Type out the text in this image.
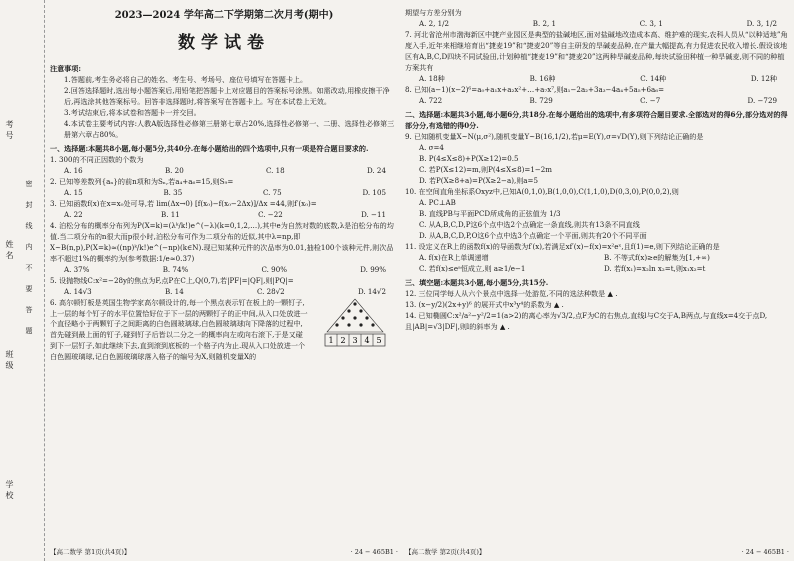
考号
姓名
班级
学校
密封线内不要答题
2023—2024 学年高二下学期第二次月考(期中)
数学试卷

注意事项:

1.答题前,考生务必将自己的姓名、考生号、考场号、座位号填写在答题卡上。

2.回答选择题时,选出每小题答案后,用铅笔把答题卡上对应题目的答案标号涂黑。如需改动,用橡皮擦干净后,再选涂其他答案标号。回答非选择题时,将答案写在答题卡上。写在本试卷上无效。

3.考试结束后,将本试卷和答题卡一并交回。

4.本试卷主要考试内容:人教A版选择性必修第三册第七章占20%,选择性必修第一、二册、选择性必修第三册第六章占80%。

一、选择题:本题共8小题,每小题5分,共40分.在每小题给出的四个选项中,只有一项是符合题目要求的.

1. 300的不同正因数的个数为

A. 16	B. 20	C. 18	D. 24

2. 已知等差数列{aₙ}的前n项和为Sₙ,若a₄+a₆=15,则S₉=

A. 15	B. 35	C. 75	D. 105

3. 已知函数f(x)在x=x₀处可导,若 lim(Δx→0) [f(x₀)−f(x₀−2Δx)]/Δx =44,则f′(x₀)=

A. 22	B. 11	C. −22	D. −11

4. 泊松分布的概率分布列为P(X=k)=(λᵏ/k!)e^(−λ)(k=0,1,2,…),其中e为自然对数的底数,λ是泊松分布的均值.当二项分布的n很大而p很小时,泊松分布可作为二项分布的近似,其中λ=np,即X~B(n,p),P(X=k)≈((np)ᵏ/k!)e^(−np)(k∈N).现已知某种元件的次品率为0.01,抽检100个该种元件,则次品率不超过1%的概率约为(参考数据:1/e≈0.37)

A. 37%	B. 74%	C. 90%	D. 99%

5. 设抛物线C:x²=−28y的焦点为F,点P在C上,Q(0,7),若|PF|=|QF|,则|PQ|=

A. 14√3	B. 14	C. 28√2	D. 14√2
1 2 3 4 5

6. 高尔顿钉板是英国生物学家高尔顿设计的,每一个黑点表示钉在板上的一颗钉子,上一层的每个钉子的水平位置恰好位于下一层的两颗钉子的正中间,从入口处放进一个直径略小于两颗钉子之间距离的白色圆玻璃球,白色圆玻璃球向下降落的过程中,首先碰到最上面的钉子,碰到钉子后皆以二分之一的概率向左或向右滚下,于是又碰到下一层钉子,如此继续下去,直到滚到底板的一个格子内为止.现从入口处放进一个白色圆玻璃球,记白色圆玻璃球落入格子的编号为X,则随机变量X的

【高二数学 第1页(共4页)】	· 24 − 465B1 ·

期望与方差分别为

A. 2, 1/2	B. 2, 1	C. 3, 1	D. 3, 1/2

7. 河北省沧州市渤海新区中捷产业园区是典型的盐碱地区,面对盐碱地改造成本高、维护难的现实,农科人员从“以种适地”角度入手,近年来相继培育出“捷麦19”和“捷麦20”等自主研发的旱碱麦品种,在产量大幅提高,有力促进农民收入增长.假设该地区有A,B,C,D四块不同试验田,计划种植“捷麦19”和“捷麦20”这两种旱碱麦品种,每块试验田种植一种旱碱麦,则不同的种植方案共有

A. 18种	B. 16种	C. 14种	D. 12种

8. 已知(a−1)(x−2)⁶=a₀+a₁x+a₂x²+…+a₇x⁷,则a₁−2a₂+3a₃−4a₄+5a₅+6a₆=

A. 722	B. 729	C. −7	D. −729

二、选择题:本题共3小题,每小题6分,共18分.在每小题给出的选项中,有多项符合题目要求.全部选对的得6分,部分选对的得部分分,有选错的得0分.

9. 已知随机变量X~N(μ,σ²),随机变量Y~B(16,1/2),若μ=E(Y),σ=√D(Y),则下列结论正确的是

A. σ=4

B. P(4≤X≤8)+P(X≥12)=0.5

C. 若P(X≤12)=m,则P(4≤X≤8)=1−2m

D. 若P(X≥8+a)=P(X≥2−a),则a=5

10. 在空间直角坐标系Oxyz中,已知A(0,1,0),B(1,0,0),C(1,1,0),D(0,3,0),P(0,0,2),则

A. PC⊥AB

B. 直线PB与平面PCD所成角的正弦值为 1/3

C. 从A,B,C,D,P这6个点中选2个点确定一条直线,则共有13条不同直线

D. 从A,B,C,D,P,O这6个点中选3个点确定一个平面,则共有20个不同平面

11. 设定义在R上的函数f(x)的导函数为f′(x),若满足xf′(x)−f(x)=x²eˣ,且f(1)=e,则下列结论正确的是

A. f(x)在R上单调递增	B. 不等式f(x)≥e的解集为[1,+∞)
C. 若f(x)≤eᵃ恒成立,则 a≥1/e−1	D. 若f(x₁)=x₂ln x₂=t,则x₁x₂=t

三、填空题:本题共3小题,每小题5分,共15分.

12. 三位同学每人从六个景点中选择一处游览,不同的选法种数是 ▲ .

13. (x−y/2)(2x+y)⁶ 的展开式中x³y⁴的系数为 ▲ .

14. 已知椭圆C:x²/a²−y²/2=1(a>2)的离心率为√3/2,点F为C的右焦点,直线l与C交于A,B两点,与直线x=4交于点D,且|AB|=√3|DF|,则l的斜率为 ▲ .

【高二数学 第2页(共4页)】	· 24 − 465B1 ·
